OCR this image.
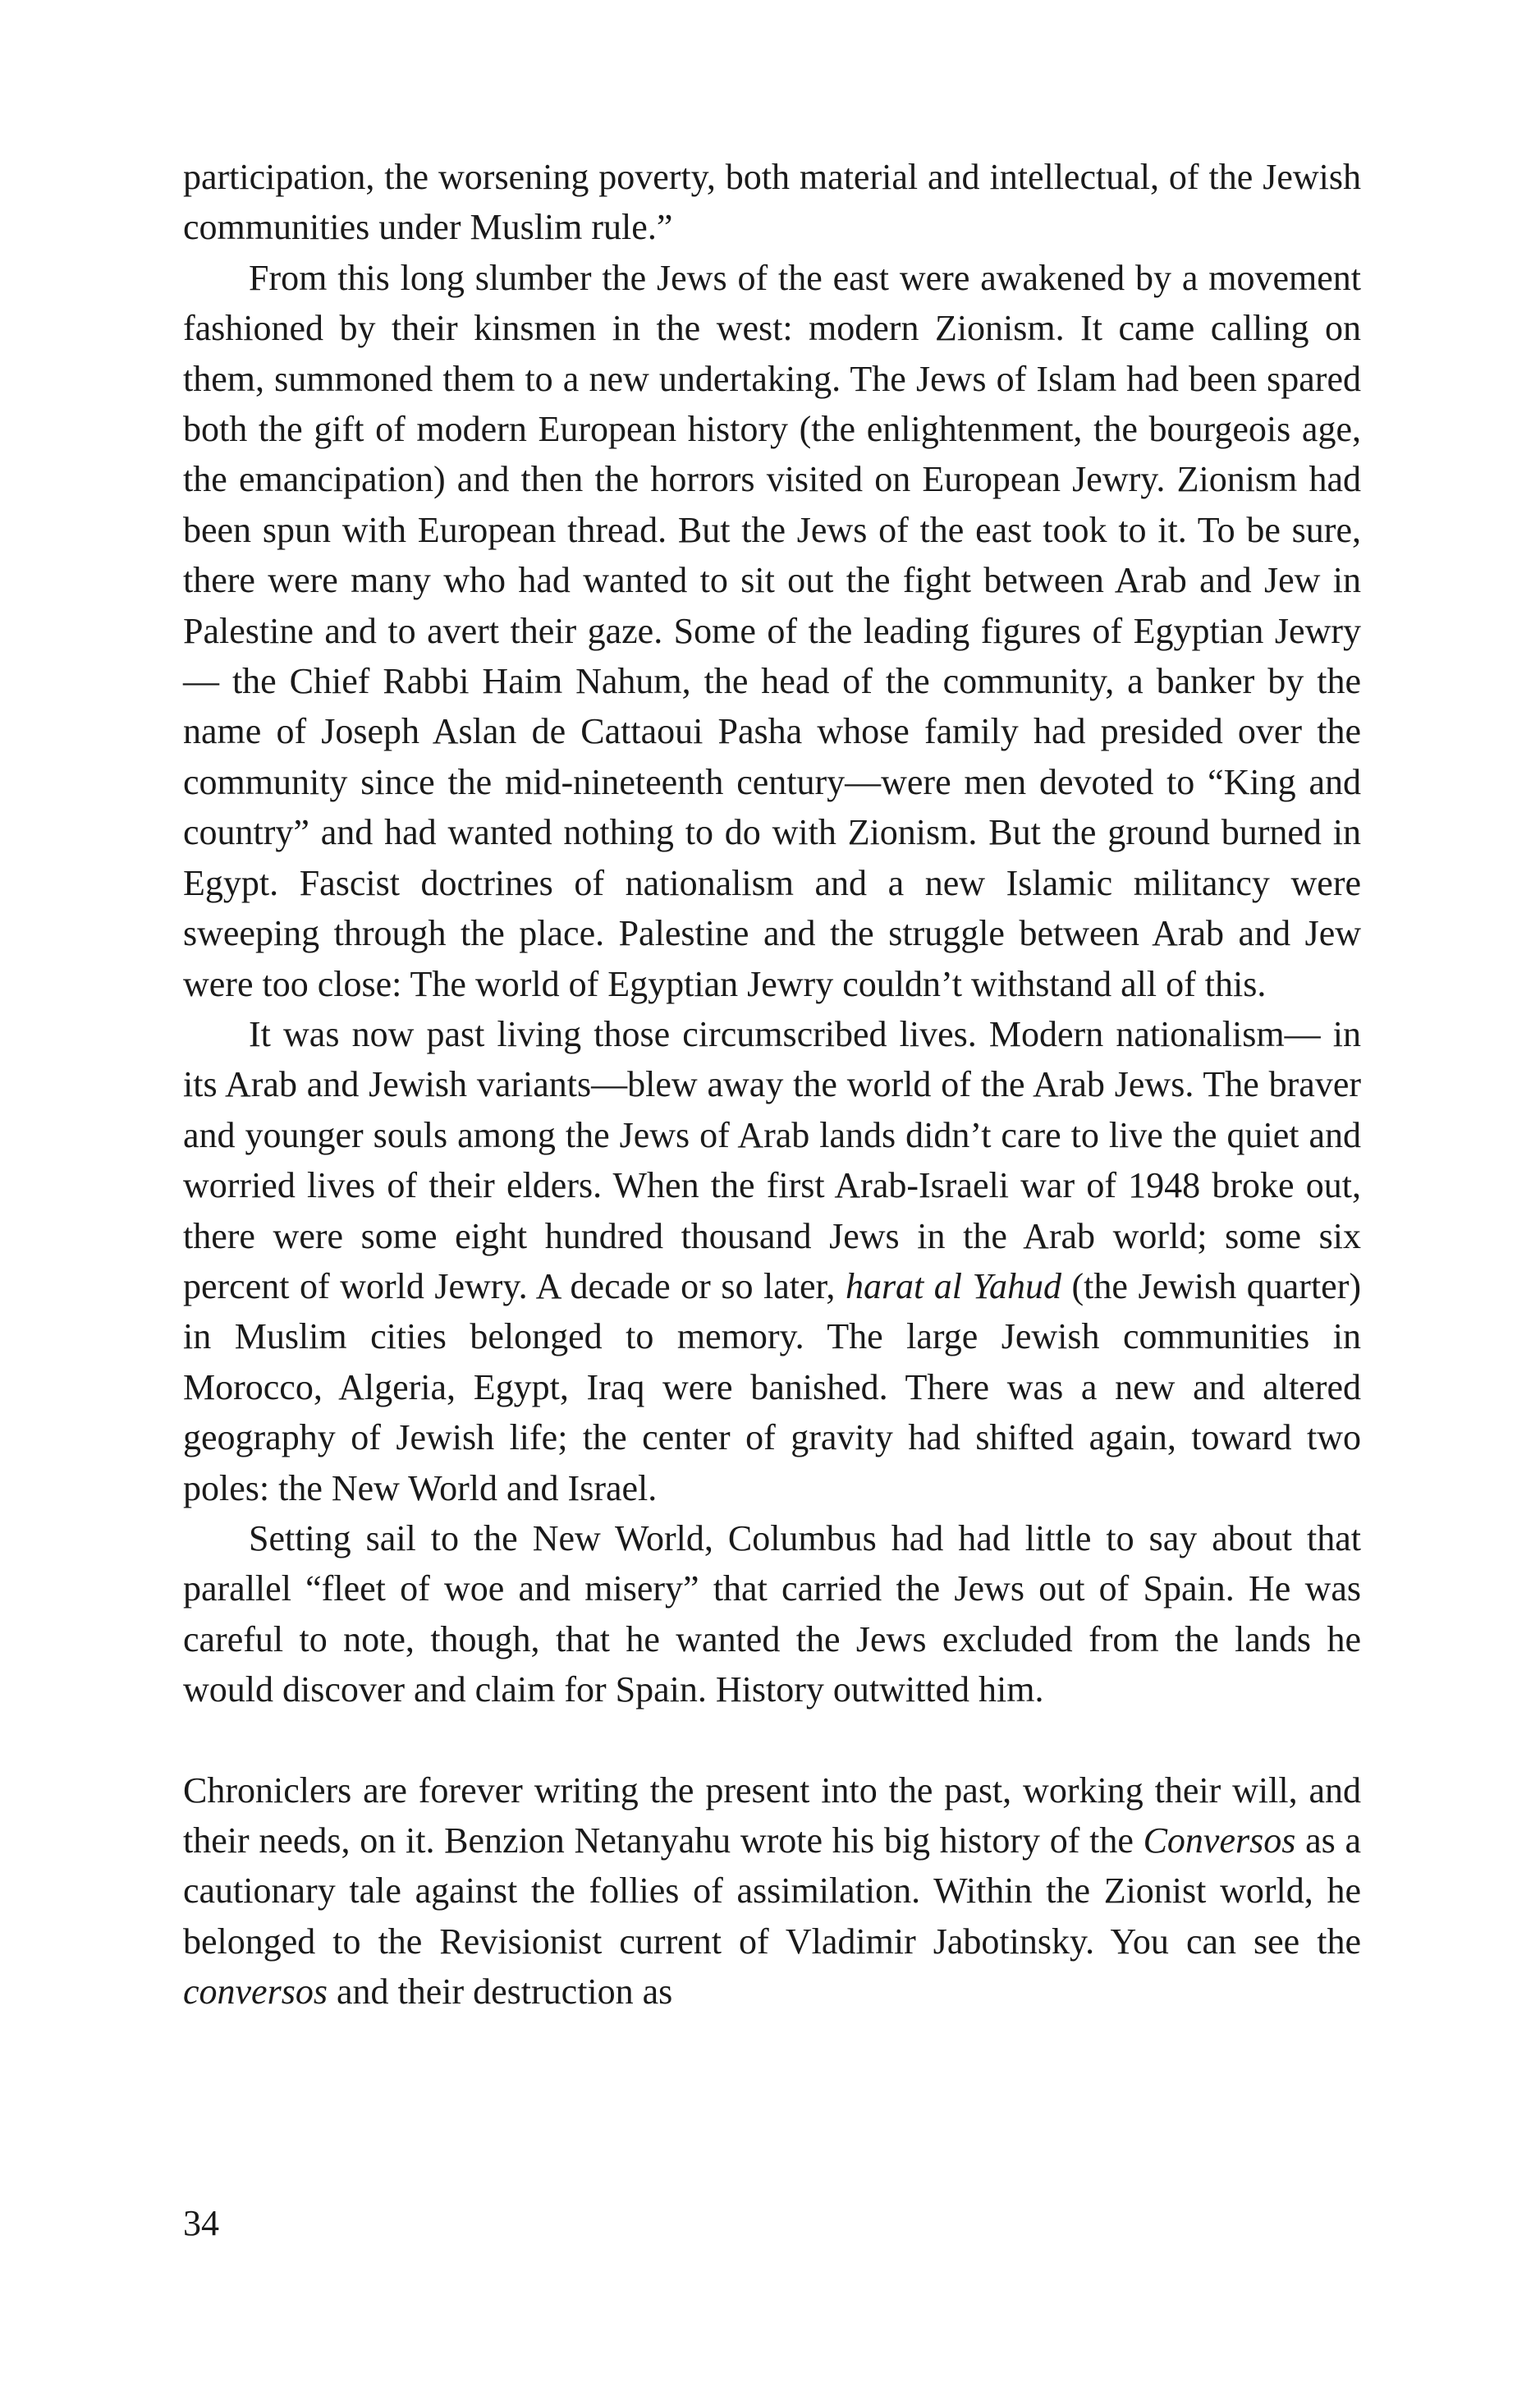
participation, the worsening poverty, both material and intellectual, of the Jewish communities under Muslim rule.”

From this long slumber the Jews of the east were awakened by a movement fashioned by their kinsmen in the west: modern Zionism. It came calling on them, summoned them to a new undertaking. The Jews of Islam had been spared both the gift of modern European history (the enlightenment, the bourgeois age, the emancipation) and then the horrors visited on European Jewry. Zionism had been spun with European thread. But the Jews of the east took to it. To be sure, there were many who had wanted to sit out the fight between Arab and Jew in Palestine and to avert their gaze. Some of the leading figures of Egyptian Jewry— the Chief Rabbi Haim Nahum, the head of the community, a banker by the name of Joseph Aslan de Cattaoui Pasha whose family had presided over the community since the mid-nineteenth century—were men devoted to “King and country” and had wanted nothing to do with Zionism. But the ground burned in Egypt. Fascist doctrines of nationalism and a new Islamic militancy were sweeping through the place. Palestine and the struggle between Arab and Jew were too close: The world of Egyptian Jewry couldn’t withstand all of this.

It was now past living those circumscribed lives. Modern nationalism— in its Arab and Jewish variants—blew away the world of the Arab Jews. The braver and younger souls among the Jews of Arab lands didn’t care to live the quiet and worried lives of their elders. When the first Arab-Israeli war of 1948 broke out, there were some eight hundred thousand Jews in the Arab world; some six percent of world Jewry. A decade or so later, harat al Yahud (the Jewish quarter) in Muslim cities belonged to memory. The large Jewish communities in Morocco, Algeria, Egypt, Iraq were banished. There was a new and altered geography of Jewish life; the center of gravity had shifted again, toward two poles: the New World and Israel.

Setting sail to the New World, Columbus had had little to say about that parallel “fleet of woe and misery” that carried the Jews out of Spain. He was careful to note, though, that he wanted the Jews excluded from the lands he would discover and claim for Spain. History outwitted him.

Chroniclers are forever writing the present into the past, working their will, and their needs, on it. Benzion Netanyahu wrote his big history of the Conversos as a cautionary tale against the follies of assimilation. Within the Zionist world, he belonged to the Revisionist current of Vladimir Jabotinsky. You can see the conversos and their destruction as

34
